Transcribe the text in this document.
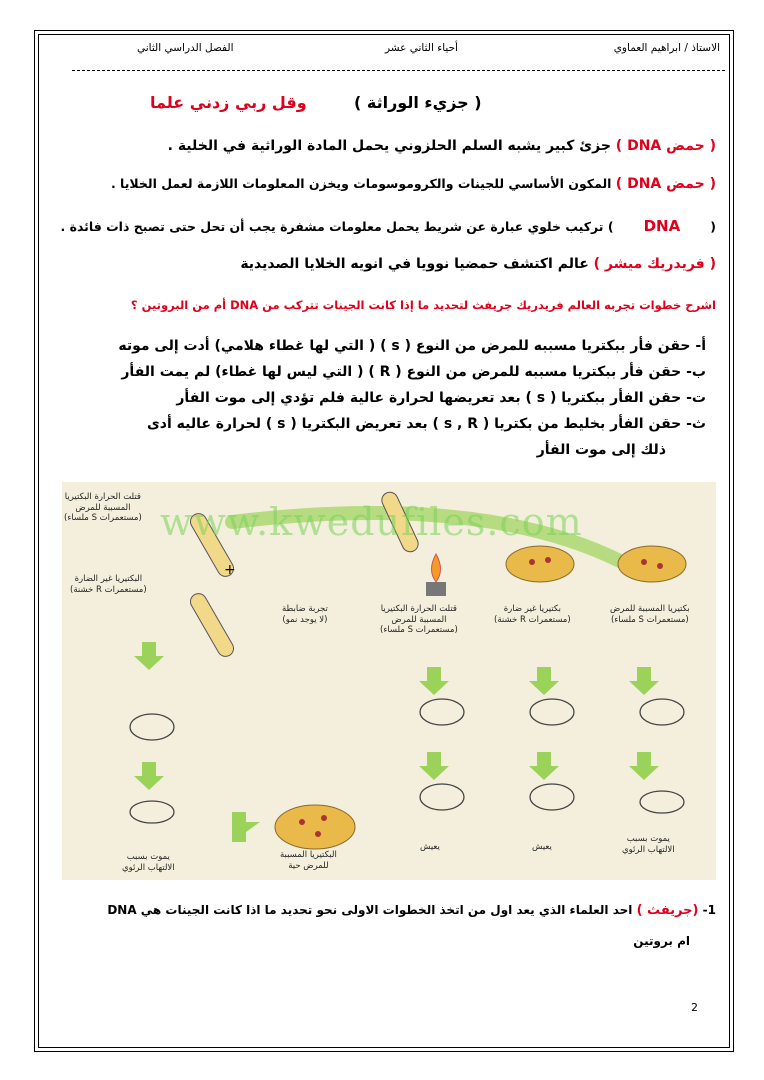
الاستاذ / ابراهيم العماوي
أحياء الثاني عشر
الفصل الدراسي الثاني
( جزيء الوراثة )
وقل ربي زدني علما
( حمض DNA ) جزئ كبير يشبه السلم الحلزوني يحمل المادة الوراثية في الخلية .
( حمض DNA ) المكون الأساسي للجينات والكروموسومات ويخزن المعلومات اللازمة لعمل الخلايا .
( DNA ) تركيب خلوي عبارة عن شريط يحمل معلومات مشفرة يجب أن تحل حتى تصبح ذات فائدة .
( فريدريك ميشر ) عالم اكتشف حمضيا نوويا في انويه الخلايا الصديدية
اشرح خطوات تجربه العالم فريدريك جريفث لتحديد ما إذا كانت الجينات تتركب من DNA أم من البروتين ؟
أ- حقن فأر ببكتريا مسببه للمرض من النوع ( s ) ( التي لها غطاء هلامي) أدت إلى موته
ب- حقن فأر ببكتريا مسببه للمرض من النوع ( R ) ( التي ليس لها غطاء) لم يمت الفأر
ت- حقن الفأر ببكتريا ( s ) بعد تعريضها لحرارة عالية فلم تؤدي إلى موت الفأر
ث- حقن الفأر بخليط من بكتريا ( s , R ) بعد تعريض البكتريا ( s ) لحرارة عاليه أدى
ذلك إلى موت الفأر
www.kwedufiles.com
قتلت الحرارة البكتيريا
المسببة للمرض
(مستعمرات S ملساء)
+
البكتيريا غير الضارة
(مستعمرات R خشنة)
بكتيريا المسببة للمرض
(مستعمرات S ملساء)
بكتيريا غير ضارة
(مستعمرات R خشنة)
قتلت الحرارة البكتيريا
المسببة للمرض
(مستعمرات S ملساء)
تجربة ضابطة
(لا يوجد نمو)
يموت بسبب
الالتهاب الرئوي
يعيش
يعيش
البكتيريا المسببة
للمرض حية
يموت بسبب
الالتهاب الرئوي
1- (جريفث ) احد العلماء الذي يعد اول من اتخذ الخطوات الاولى نحو تحديد ما اذا كانت الجينات هي DNA
ام بروتين
2
